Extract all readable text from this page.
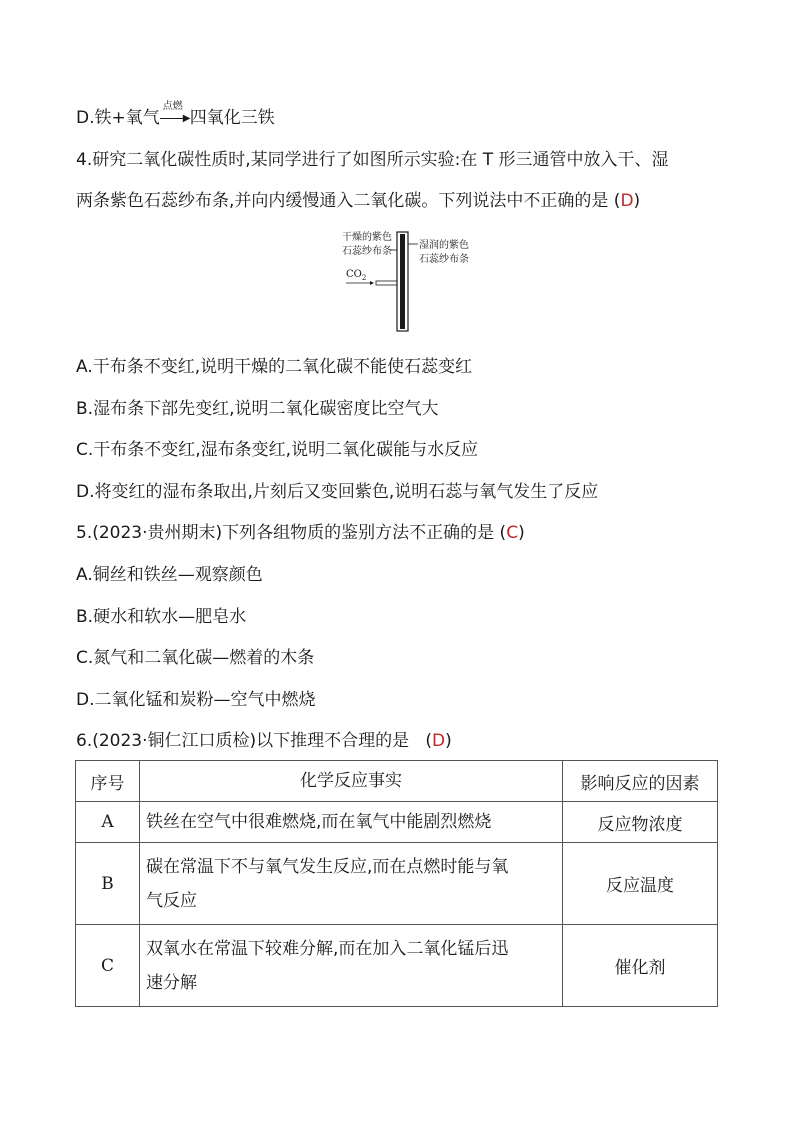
D.铁+氧气
点燃
▶ 四氧化三铁
4.研究二氧化碳性质时,某同学进行了如图所示实验:在 T 形三通管中放入干、湿
两条紫色石蕊纱布条,并向内缓慢通入二氧化碳。下列说法中不正确的是 (D)
干燥的紫色
石蕊纱布条
湿润的紫色
石蕊纱布条
$CO_2$
A.干布条不变红,说明干燥的二氧化碳不能使石蕊变红
B.湿布条下部先变红,说明二氧化碳密度比空气大
C.干布条不变红,湿布条变红,说明二氧化碳能与水反应
D.将变红的湿布条取出,片刻后又变回紫色,说明石蕊与氧气发生了反应
5.(2023·贵州期末)下列各组物质的鉴别方法不正确的是 (C)
A.铜丝和铁丝—观察颜色
B.硬水和软水—肥皂水
C.氮气和二氧化碳—燃着的木条
D.二氧化锰和炭粉—空气中燃烧
6.(2023·铜仁江口质检)以下推理不合理的是   (D)
序号	化学反应事实	影响反应的因素
A	铁丝在空气中很难燃烧,而在氧气中能剧烈燃烧	反应物浓度
B	碳在常温下不与氧气发生反应,而在点燃时能与氧
气反应	反应温度
C	双氧水在常温下较难分解,而在加入二氧化锰后迅
速分解	催化剂
